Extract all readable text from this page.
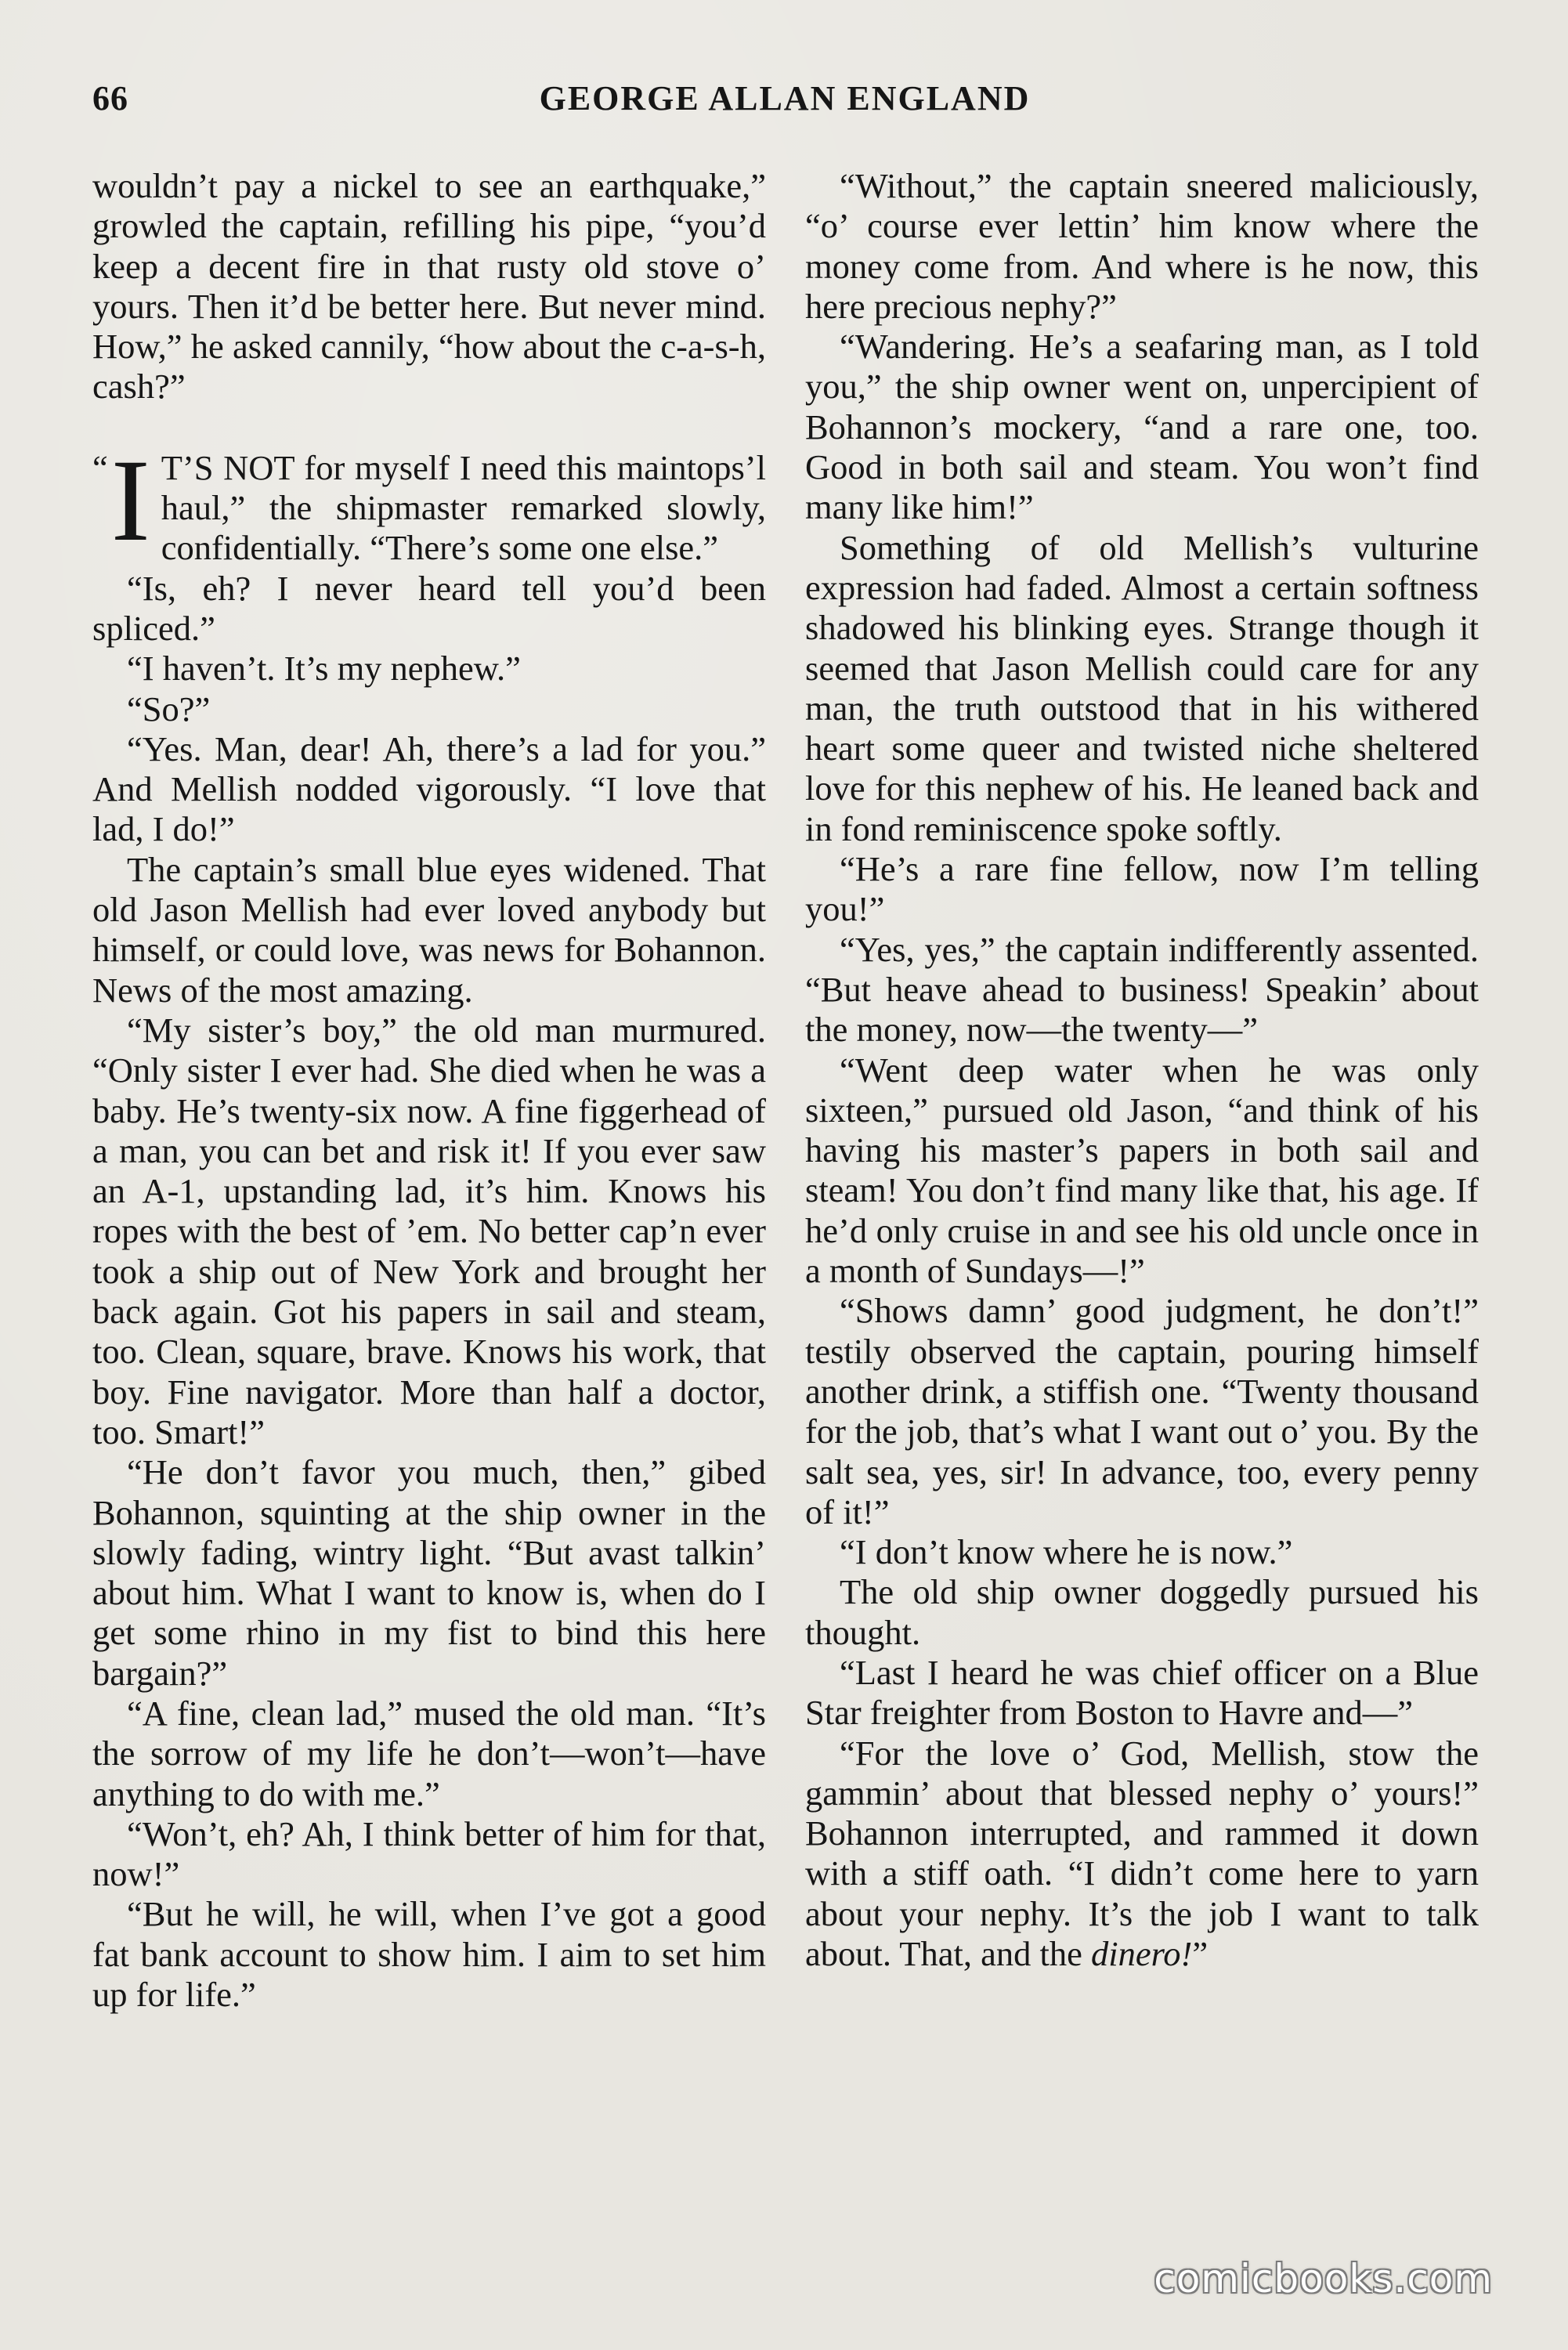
66	GEORGE ALLAN ENGLAND

wouldn’t pay a nickel to see an earthquake,” growled the captain, refilling his pipe, “you’d keep a decent fire in that rusty old stove o’ yours. Then it’d be better here. But never mind. How,” he asked cannily, “how about the c-a-s-h, cash?”

“ I T’S NOT for myself I need this maintops’l haul,” the shipmaster remarked slowly, confidentially. “There’s some one else.”

“Is, eh? I never heard tell you’d been spliced.”

“I haven’t. It’s my nephew.”

“So?”

“Yes. Man, dear! Ah, there’s a lad for you.” And Mellish nodded vigorously. “I love that lad, I do!”

The captain’s small blue eyes widened. That old Jason Mellish had ever loved anybody but himself, or could love, was news for Bohannon. News of the most amazing.

“My sister’s boy,” the old man murmured. “Only sister I ever had. She died when he was a baby. He’s twenty-six now. A fine figgerhead of a man, you can bet and risk it! If you ever saw an A-1, upstanding lad, it’s him. Knows his ropes with the best of ’em. No better cap’n ever took a ship out of New York and brought her back again. Got his papers in sail and steam, too. Clean, square, brave. Knows his work, that boy. Fine navigator. More than half a doctor, too. Smart!”

“He don’t favor you much, then,” gibed Bohannon, squinting at the ship owner in the slowly fading, wintry light. “But avast talkin’ about him. What I want to know is, when do I get some rhino in my fist to bind this here bargain?”

“A fine, clean lad,” mused the old man. “It’s the sorrow of my life he don’t—won’t—have anything to do with me.”

“Won’t, eh? Ah, I think better of him for that, now!”

“But he will, he will, when I’ve got a good fat bank account to show him. I aim to set him up for life.”

“Without,” the captain sneered maliciously, “o’ course ever lettin’ him know where the money come from. And where is he now, this here precious nephy?”

“Wandering. He’s a seafaring man, as I told you,” the ship owner went on, unpercipient of Bohannon’s mockery, “and a rare one, too. Good in both sail and steam. You won’t find many like him!”

Something of old Mellish’s vulturine expression had faded. Almost a certain softness shadowed his blinking eyes. Strange though it seemed that Jason Mellish could care for any man, the truth outstood that in his withered heart some queer and twisted niche sheltered love for this nephew of his. He leaned back and in fond reminiscence spoke softly.

“He’s a rare fine fellow, now I’m telling you!”

“Yes, yes,” the captain indifferently assented. “But heave ahead to business! Speakin’ about the money, now—the twenty—”

“Went deep water when he was only sixteen,” pursued old Jason, “and think of his having his master’s papers in both sail and steam! You don’t find many like that, his age. If he’d only cruise in and see his old uncle once in a month of Sundays—!”

“Shows damn’ good judgment, he don’t!” testily observed the captain, pouring himself another drink, a stiffish one. “Twenty thousand for the job, that’s what I want out o’ you. By the salt sea, yes, sir! In advance, too, every penny of it!”

“I don’t know where he is now.”

The old ship owner doggedly pursued his thought.

“Last I heard he was chief officer on a Blue Star freighter from Boston to Havre and—”

“For the love o’ God, Mellish, stow the gammin’ about that blessed nephy o’ yours!” Bohannon interrupted, and rammed it down with a stiff oath. “I didn’t come here to yarn about your nephy. It’s the job I want to talk about. That, and the dinero!”

comicbooks.com
